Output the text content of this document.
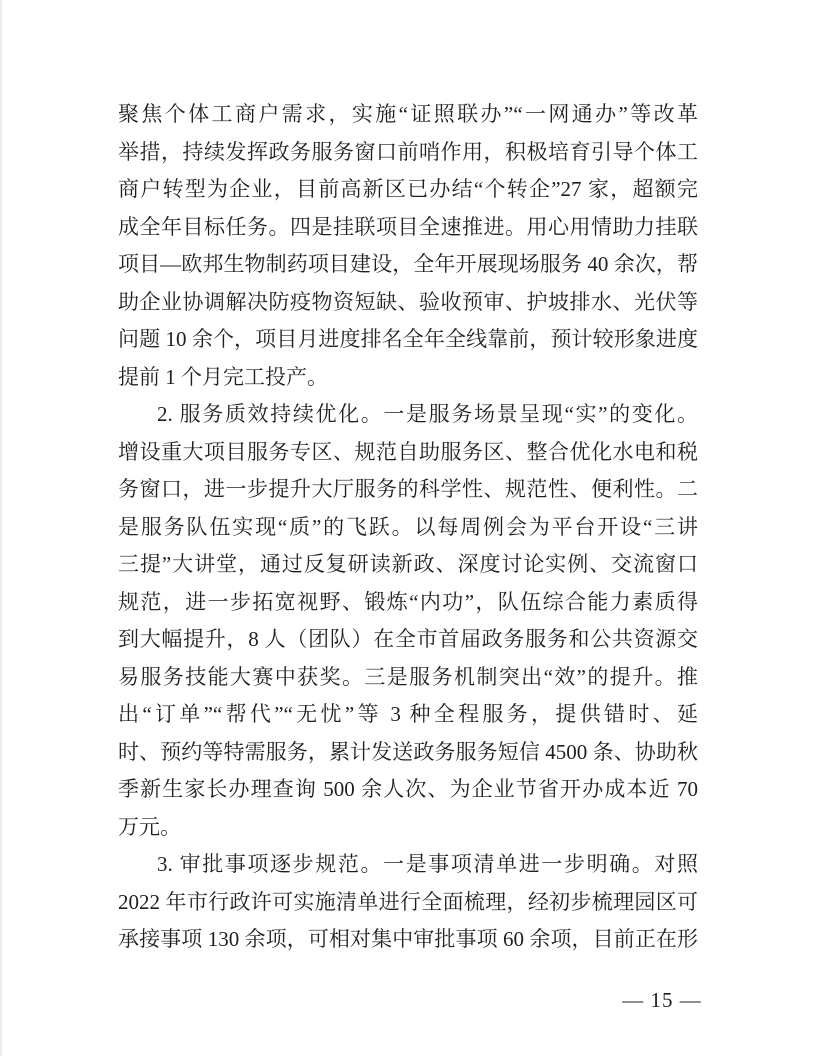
聚焦个体工商户需求，实施“证照联办”“一网通办”等改革
举措，持续发挥政务服务窗口前哨作用，积极培育引导个体工
商户转型为企业，目前高新区已办结“个转企”27 家，超额完
成全年目标任务。四是挂联项目全速推进。用心用情助力挂联
项目—欧邦生物制药项目建设，全年开展现场服务 40 余次，帮
助企业协调解决防疫物资短缺、验收预审、护坡排水、光伏等
问题 10 余个，项目月进度排名全年全线靠前，预计较形象进度
提前 1 个月完工投产。
2. 服务质效持续优化。一是服务场景呈现“实”的变化。
增设重大项目服务专区、规范自助服务区、整合优化水电和税
务窗口，进一步提升大厅服务的科学性、规范性、便利性。二
是服务队伍实现“质”的飞跃。以每周例会为平台开设“三讲
三提”大讲堂，通过反复研读新政、深度讨论实例、交流窗口
规范，进一步拓宽视野、锻炼“内功”，队伍综合能力素质得
到大幅提升，8 人（团队）在全市首届政务服务和公共资源交
易服务技能大赛中获奖。三是服务机制突出“效”的提升。推
出“订单”“帮代”“无忧”等 3 种全程服务，提供错时、延
时、预约等特需服务，累计发送政务服务短信 4500 条、协助秋
季新生家长办理查询 500 余人次、为企业节省开办成本近 70
万元。
3. 审批事项逐步规范。一是事项清单进一步明确。对照
2022 年市行政许可实施清单进行全面梳理，经初步梳理园区可
承接事项 130 余项，可相对集中审批事项 60 余项，目前正在形
— 15 —
